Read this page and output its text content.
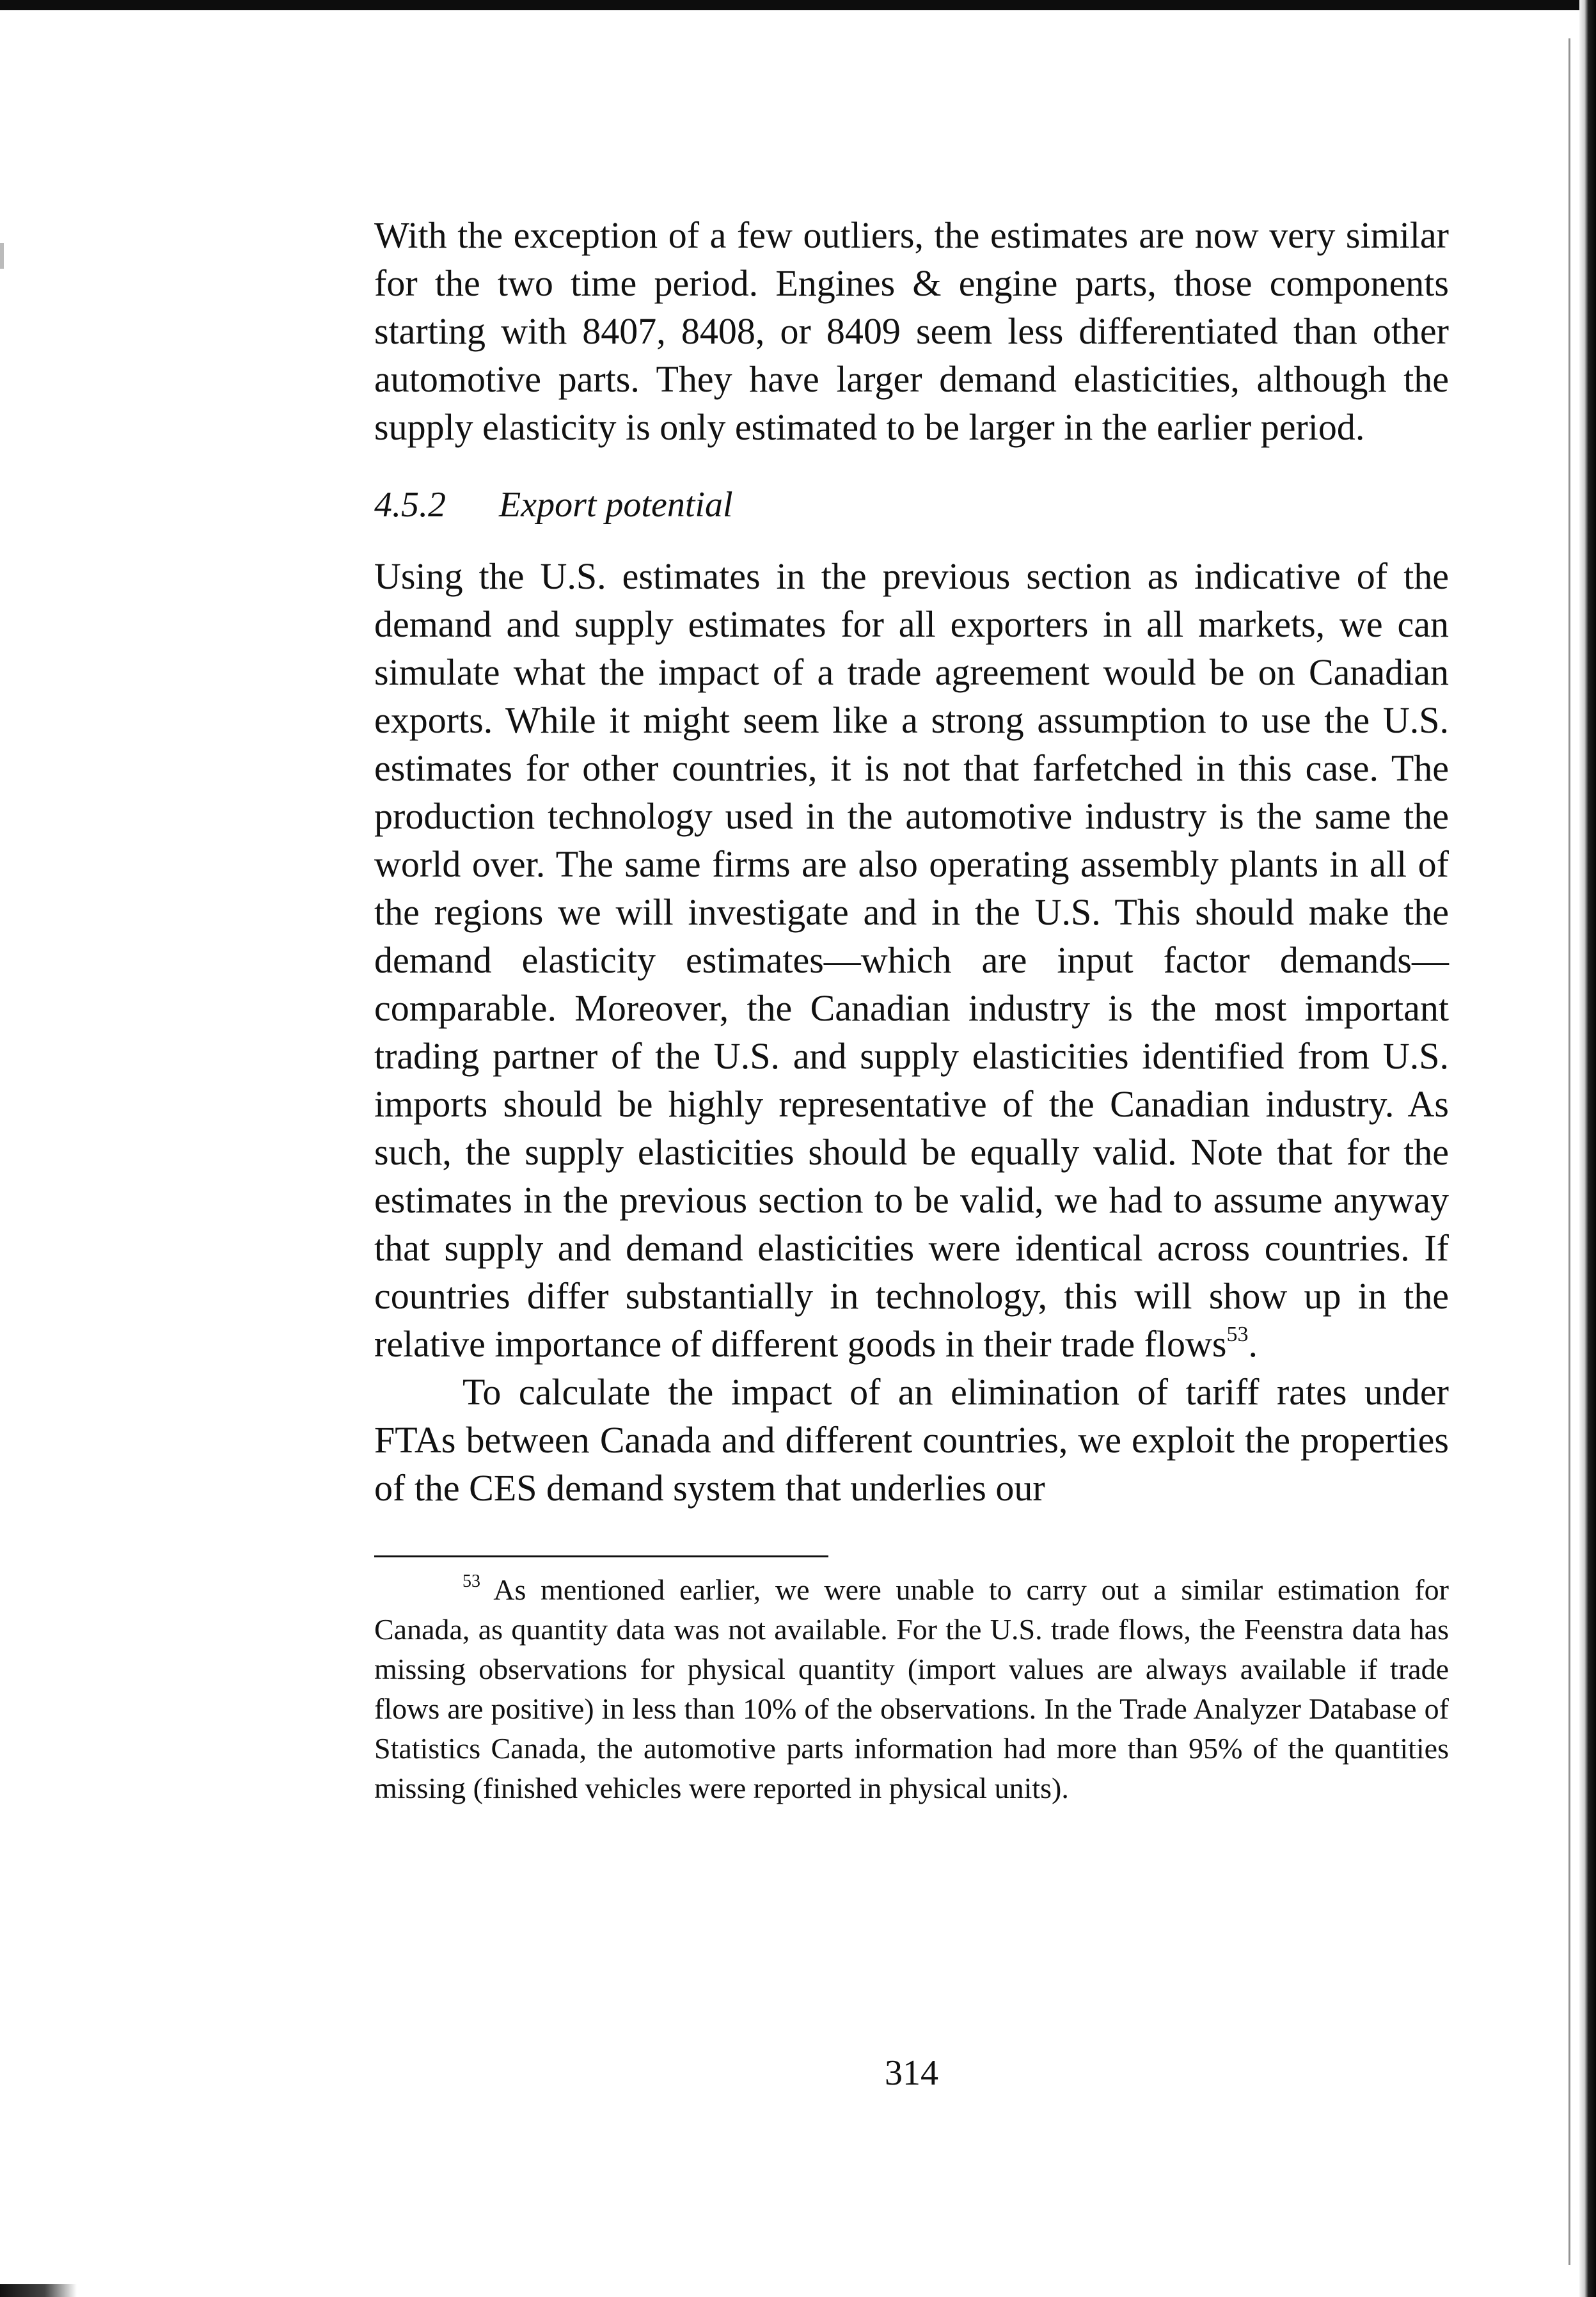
With the exception of a few outliers, the estimates are now very similar for the two time period. Engines & engine parts, those components starting with 8407, 8408, or 8409 seem less differentiated than other automotive parts. They have larger demand elasticities, although the supply elasticity is only estimated to be larger in the earlier period.

4.5.2 Export potential

Using the U.S. estimates in the previous section as indicative of the demand and supply estimates for all exporters in all markets, we can simulate what the impact of a trade agreement would be on Canadian exports. While it might seem like a strong assumption to use the U.S. estimates for other countries, it is not that farfetched in this case. The production technology used in the automotive industry is the same the world over. The same firms are also operating assembly plants in all of the regions we will investigate and in the U.S. This should make the demand elasticity estimates—which are input factor demands—comparable. Moreover, the Canadian industry is the most important trading partner of the U.S. and supply elasticities identified from U.S. imports should be highly representative of the Canadian industry. As such, the supply elasticities should be equally valid. Note that for the estimates in the previous section to be valid, we had to assume anyway that supply and demand elasticities were identical across countries. If countries differ substantially in technology, this will show up in the relative importance of different goods in their trade flows$^{53}$.

To calculate the impact of an elimination of tariff rates under FTAs between Canada and different countries, we exploit the properties of the CES demand system that underlies our

$^{53}$ As mentioned earlier, we were unable to carry out a similar estimation for Canada, as quantity data was not available. For the U.S. trade flows, the Feenstra data has missing observations for physical quantity (import values are always available if trade flows are positive) in less than 10% of the observations. In the Trade Analyzer Database of Statistics Canada, the automotive parts information had more than 95% of the quantities missing (finished vehicles were reported in physical units).

314
